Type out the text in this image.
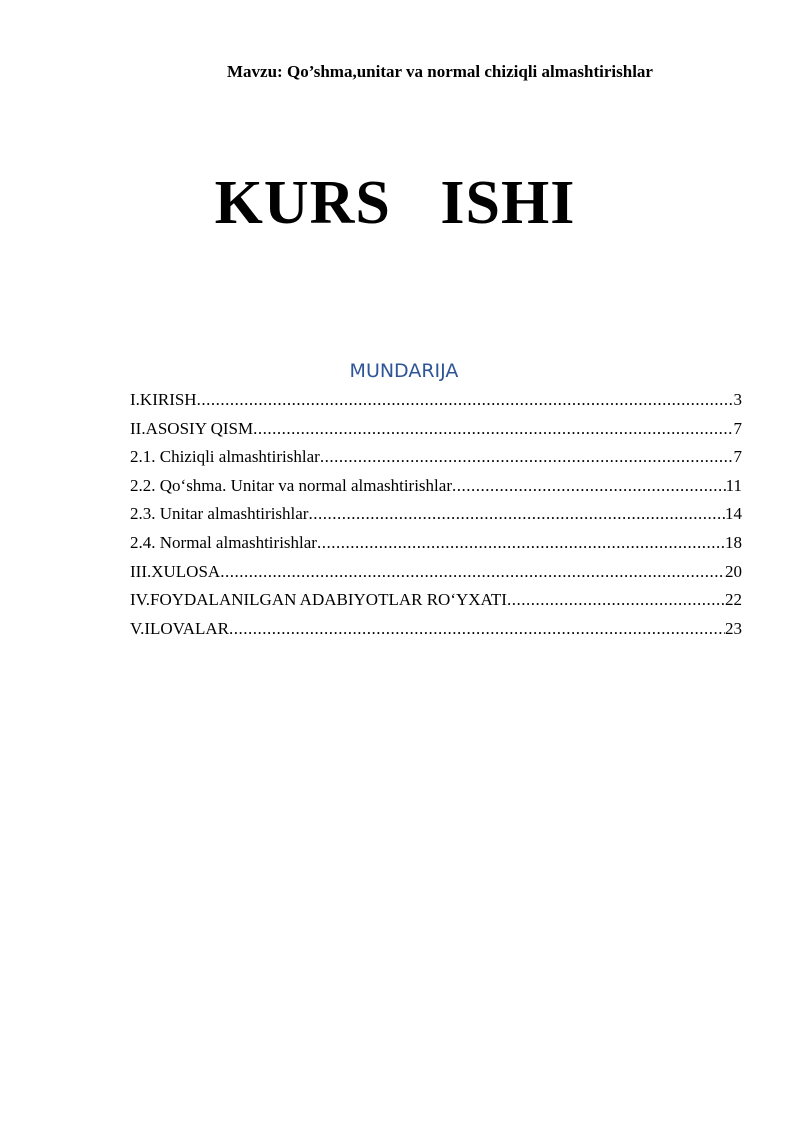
Mavzu: Qo’shma,unitar va normal chiziqli almashtirishlar
KURS   ISHI
MUNDARIJA
I.KIRISH .....	3
II.ASOSIY QISM .....	7
2.1. Chiziqli almashtirishlar .....	7
2.2. Qo‘shma. Unitar va normal almashtirishlar .....	11
2.3. Unitar almashtirishlar .....	14
2.4. Normal almashtirishlar .....	18
III.XULOSA .....	20
IV.FOYDALANILGAN ADABIYOTLAR RO‘YXATI .....	22
V.ILOVALAR .....	23
